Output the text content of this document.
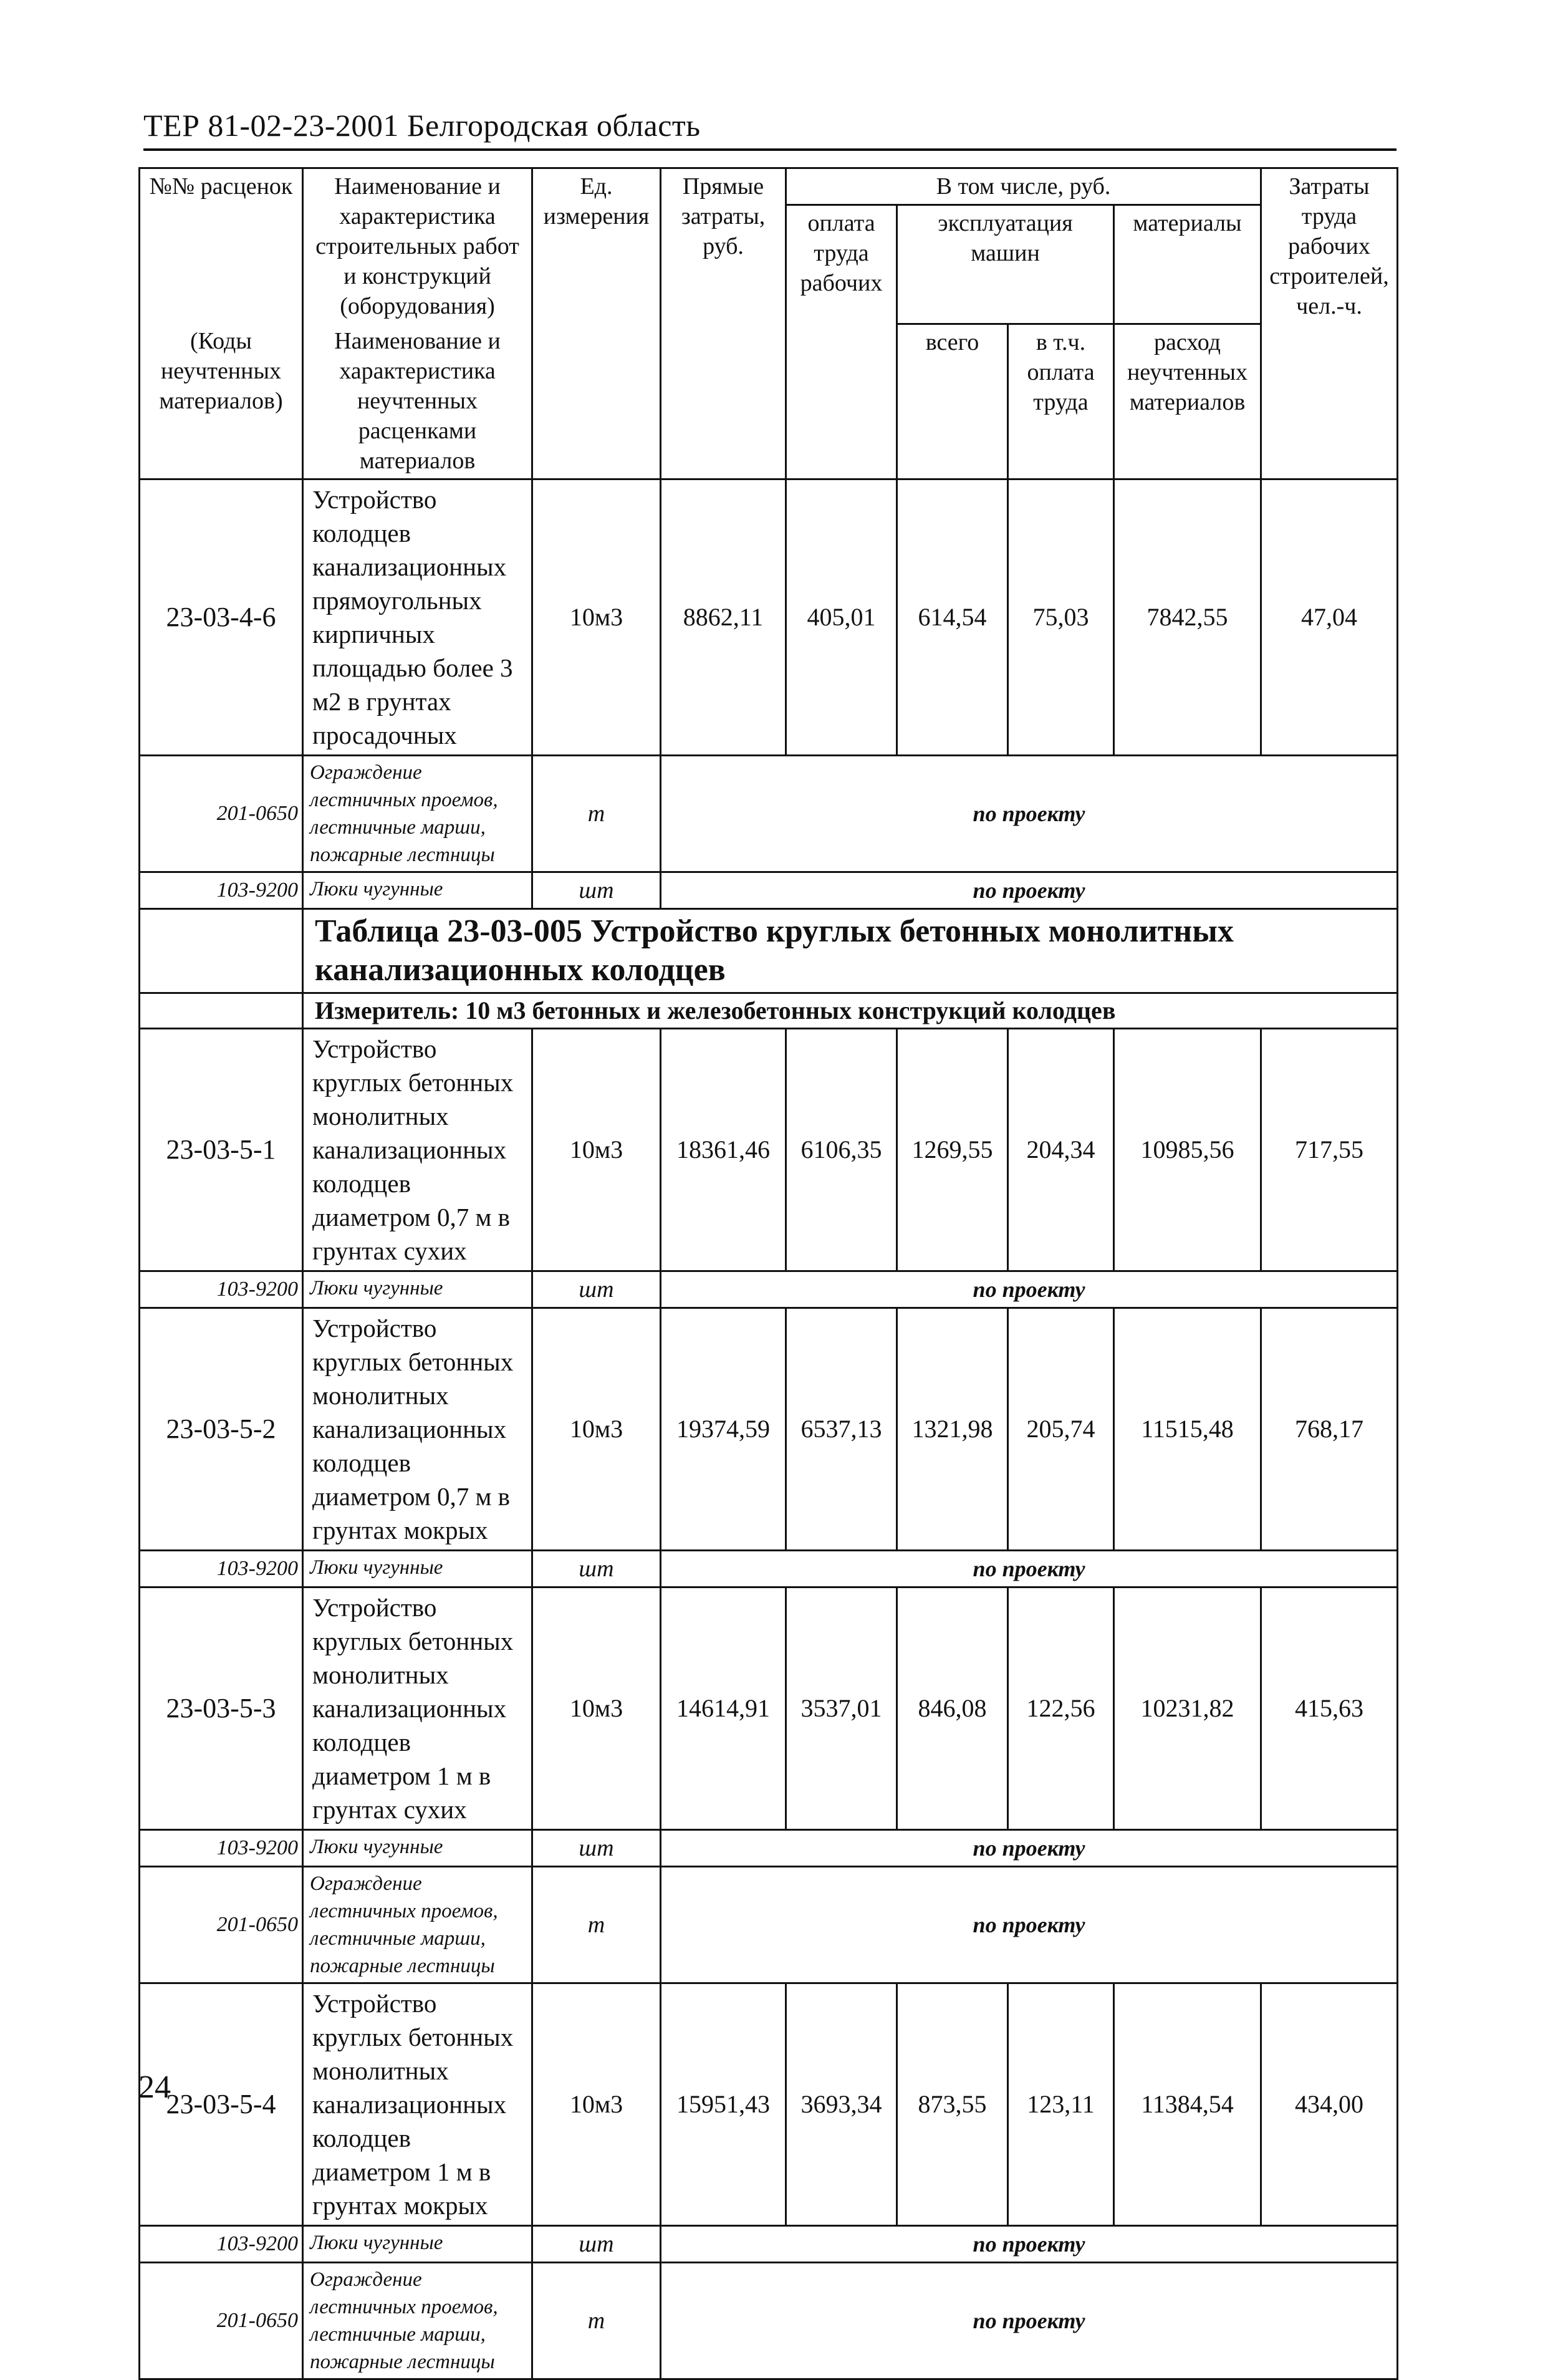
ТЕР 81-02-23-2001 Белгородская область
№№ расценок	Наименование и характеристика строительных работ и конструкций (оборудования)	Ед. измерения	Прямые затраты, руб.	В том числе, руб.				Затраты труда рабочих строителей, чел.-ч.
				оплата труда рабочих	эксплуатация машин		материалы	
(Коды неучтенных материалов)	Наименование и характеристика неучтенных расценками материалов				всего	в т.ч. оплата труда	расход неучтенных материалов	

23-03-4-6	Устройство колодцев канализационных прямоугольных кирпичных площадью более 3 м2 в грунтах просадочных	10м3	8862,11	405,01	614,54	75,03	7842,55	47,04
201-0650	Ограждение лестничных проемов, лестничные марши, пожарные лестницы	т	по проекту					
103-9200	Люки чугунные	шт	по проекту					
	Таблица 23-03-005 Устройство круглых бетонных монолитных канализационных колодцев							
	Измеритель: 10 м3 бетонных и железобетонных конструкций колодцев							
23-03-5-1	Устройство круглых бетонных монолитных канализационных колодцев диаметром 0,7 м в грунтах сухих	10м3	18361,46	6106,35	1269,55	204,34	10985,56	717,55
103-9200	Люки чугунные	шт	по проекту					
23-03-5-2	Устройство круглых бетонных монолитных канализационных колодцев диаметром 0,7 м в грунтах мокрых	10м3	19374,59	6537,13	1321,98	205,74	11515,48	768,17
103-9200	Люки чугунные	шт	по проекту					
23-03-5-3	Устройство круглых бетонных монолитных канализационных колодцев диаметром 1 м в грунтах сухих	10м3	14614,91	3537,01	846,08	122,56	10231,82	415,63
103-9200	Люки чугунные	шт	по проекту					
201-0650	Ограждение лестничных проемов, лестничные марши, пожарные лестницы	т	по проекту					
23-03-5-4	Устройство круглых бетонных монолитных канализационных колодцев диаметром 1 м в грунтах мокрых	10м3	15951,43	3693,34	873,55	123,11	11384,54	434,00
103-9200	Люки чугунные	шт	по проекту					
201-0650	Ограждение лестничных проемов, лестничные марши, пожарные лестницы	т	по проекту					
24
